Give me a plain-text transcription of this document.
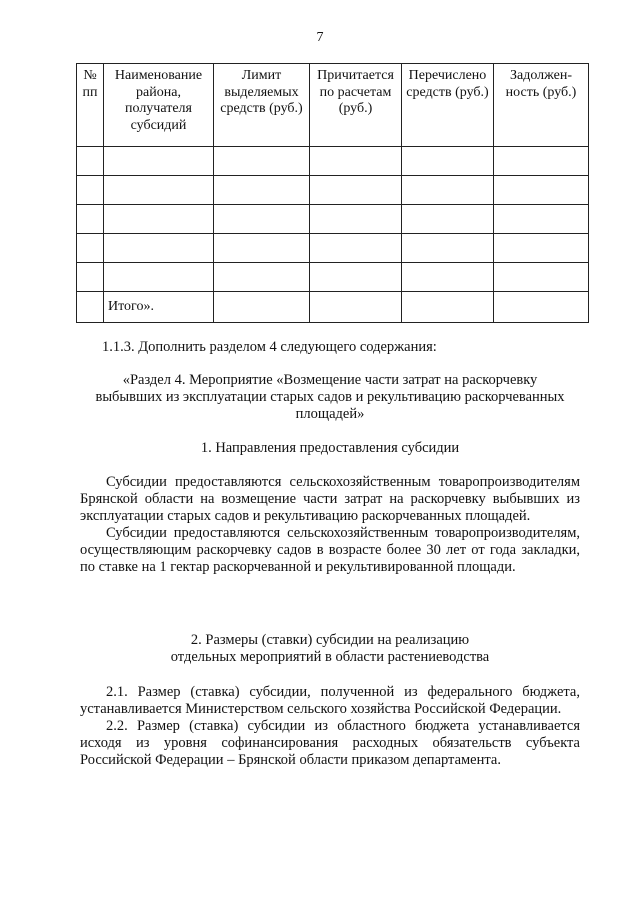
7
№ пп	Наименование района, получателя субсидий	Лимит выделяемых средств (руб.)	Причитается по расчетам (руб.)	Перечислено средств (руб.)	Задолжен-ность (руб.)

	Итого».				

1.1.3. Дополнить разделом 4 следующего содержания:

«Раздел 4. Мероприятие «Возмещение части затрат на раскорчевку

выбывших из эксплуатации старых садов и рекультивацию раскорчеванных

площадей»

1. Направления предоставления субсидии

Субсидии предоставляются сельскохозяйственным товаропроизводителям Брянской области на возмещение части затрат на раскорчевку выбывших из эксплуатации старых садов и рекультивацию раскорчеванных площадей.

Субсидии предоставляются сельскохозяйственным товаропроизводителям, осуществляющим раскорчевку садов в возрасте более 30 лет от года закладки, по ставке на 1 гектар раскорчеванной и рекультивированной площади.

2. Размеры (ставки) субсидии на реализацию

отдельных мероприятий в области растениеводства

2.1. Размер (ставка) субсидии, полученной из федерального бюджета, устанавливается Министерством сельского хозяйства Российской Федерации.

2.2. Размер (ставка) субсидии из областного бюджета устанавливается исходя из уровня софинансирования расходных обязательств субъекта Российской Федерации – Брянской области приказом департамента.
